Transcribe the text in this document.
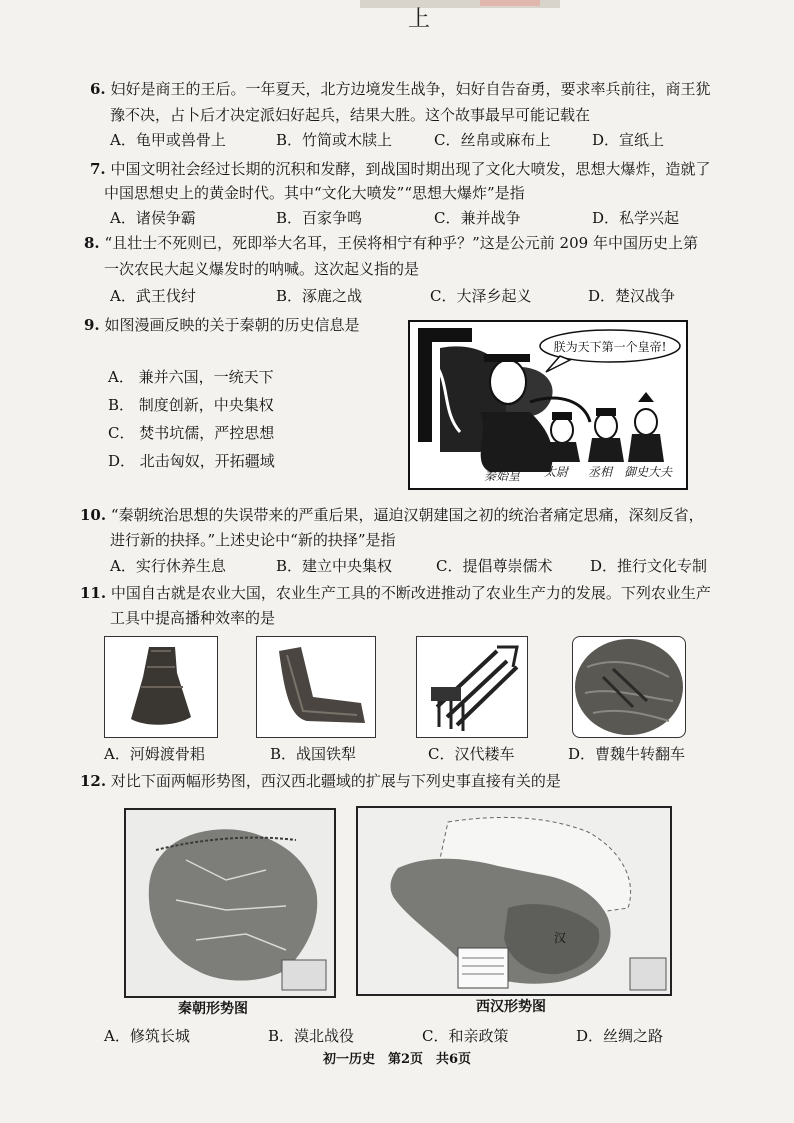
上
6. 妇好是商王的王后。一年夏天，北方边境发生战争，妇好自告奋勇，要求率兵前往，商王犹
豫不决，占卜后才决定派妇好起兵，结果大胜。这个故事最早可能记载在
A．龟甲或兽骨上	B．竹简或木牍上	C．丝帛或麻布上	D．宣纸上
7. 中国文明社会经过长期的沉积和发酵，到战国时期出现了文化大喷发，思想大爆炸，造就了
中国思想史上的黄金时代。其中“文化大喷发”“思想大爆炸”是指
A．诸侯争霸	B．百家争鸣	C．兼并战争	D．私学兴起
8. “且壮士不死则已，死即举大名耳，王侯将相宁有种乎？”这是公元前 209 年中国历史上第
一次农民大起义爆发时的呐喊。这次起义指的是
A．武王伐纣	B．涿鹿之战	C．大泽乡起义	D．楚汉战争
9. 如图漫画反映的关于秦朝的历史信息是
A． 兼并六国，一统天下
B． 制度创新，中央集权
C． 焚书坑儒，严控思想
D． 北击匈奴，开拓疆域
朕为天下第一个皇帝!
秦始皇 太尉 丞相 御史大夫
10. “秦朝统治思想的失误带来的严重后果，逼迫汉朝建国之初的统治者痛定思痛，深刻反省，
进行新的抉择。”上述史论中“新的抉择”是指
A．实行休养生息	B．建立中央集权	C．提倡尊崇儒术	D．推行文化专制
11. 中国自古就是农业大国，农业生产工具的不断改进推动了农业生产力的发展。下列农业生产
工具中提高播种效率的是
A．河姆渡骨耜	B．战国铁犁	C．汉代耧车	D．曹魏牛转翻车
12. 对比下面两幅形势图，西汉西北疆域的扩展与下列史事直接有关的是
秦朝形势图
汉
西汉形势图
A．修筑长城	B．漠北战役	C．和亲政策	D．丝绸之路
初一历史　第2页　共6页
